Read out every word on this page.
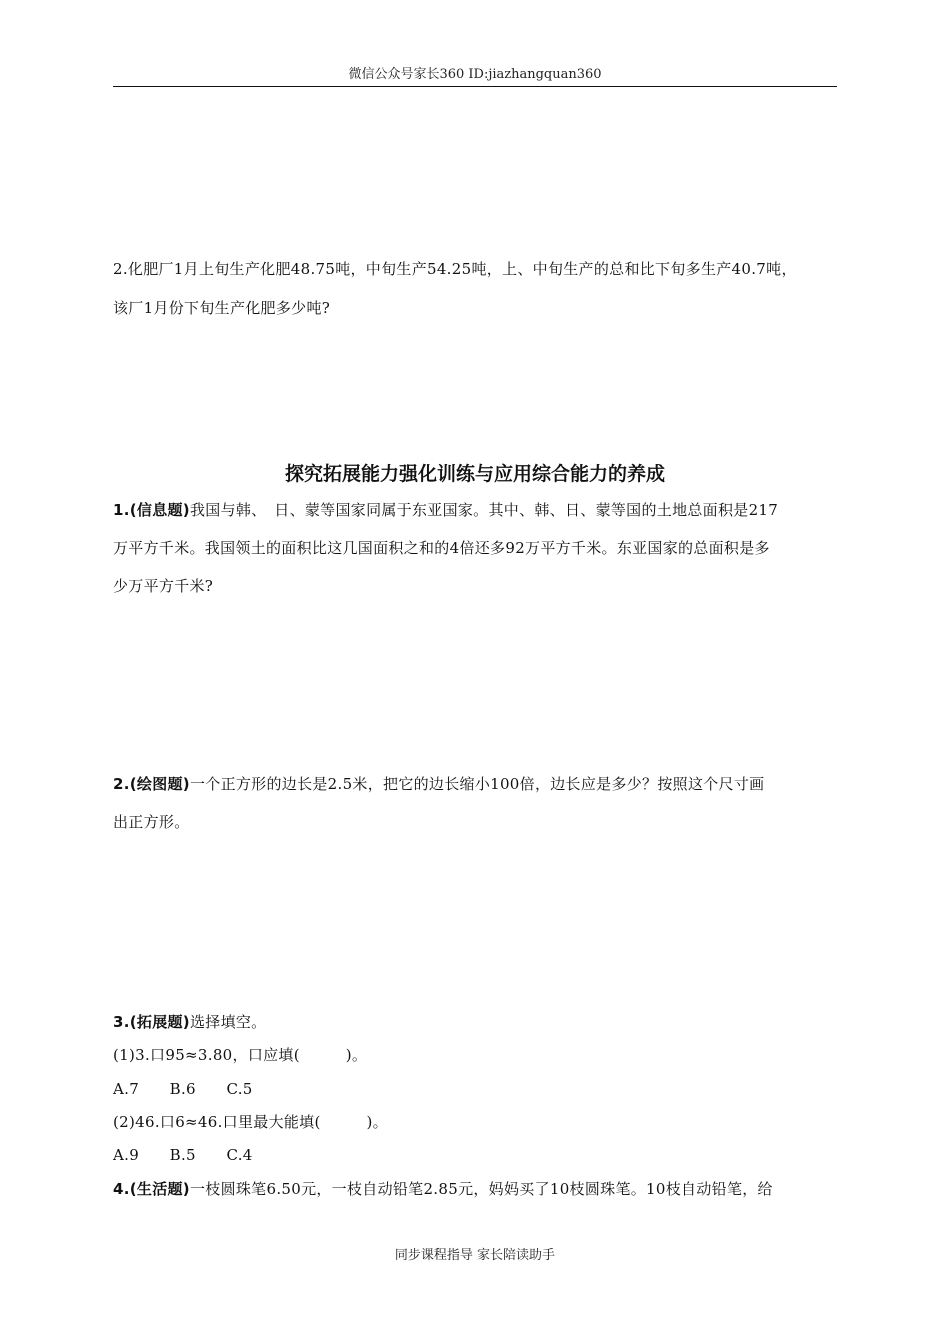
微信公众号家长360 ID:jiazhangquan360
2.化肥厂1月上旬生产化肥48.75吨，中旬生产54.25吨，上、中旬生产的总和比下旬多生产40.7吨，
该厂1月份下旬生产化肥多少吨?
探究拓展能力强化训练与应用综合能力的养成
1.(信息题)我国与韩、　日、蒙等国家同属于东亚国家。其中、韩、日、蒙等国的土地总面积是217
万平方千米。我国领土的面积比这几国面积之和的4倍还多92万平方千米。东亚国家的总面积是多
少万平方千米?
2.(绘图题)一个正方形的边长是2.5米，把它的边长缩小100倍，边长应是多少？按照这个尺寸画
出正方形。
3.(拓展题)选择填空。
(1)3.口95≈3.80，口应填(　　　)。
A.7　　B.6　　C.5
(2)46.口6≈46.口里最大能填(　　　)。
A.9　　B.5　　C.4
4.(生活题)一枝圆珠笔6.50元，一枝自动铅笔2.85元，妈妈买了10枝圆珠笔。10枝自动铅笔，给
同步课程指导 家长陪读助手
